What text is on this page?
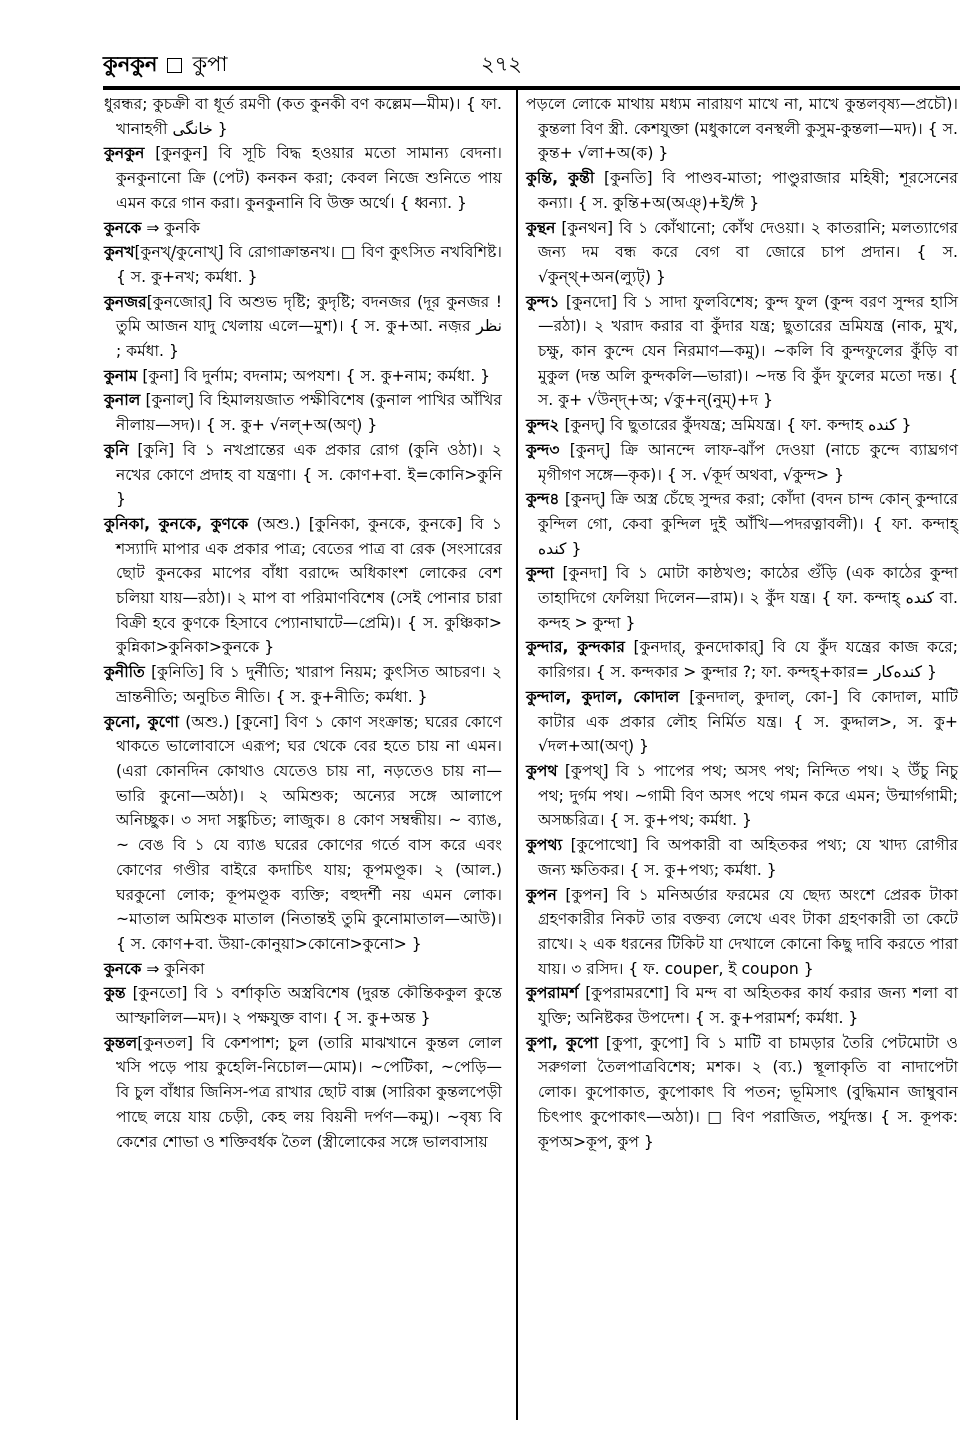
কুনকুন কুপা	২৭২

ধুরন্ধর; কুচক্রী বা ধূর্ত রমণী (কত কুনকী বণ কল্লেম—মীম)। { ফা. খানাহগী خانگی }

কুনকুন [কুনকুন] বি সূচি বিদ্ধ হওয়ার মতো সামান্য বেদনা। কুনকুনানো ক্রি (পেট) কনকন করা; কেবল নিজে শুনিতে পায় এমন করে গান করা। কুনকুনানি বি উক্ত অর্থে। { ধ্বন্যা. }

কুনকে ⇒ কুনকি

কুনখ[কুনখ্/কুনোখ্] বি রোগাক্রান্তনখ। □ বিণ কুৎসিত নখবিশিষ্ট। { স. কু+নখ; কর্মধা. }

কুনজর[কুনজোর্] বি অশুভ দৃষ্টি; কুদৃষ্টি; বদনজর (দূর কুনজর ! তুমি আজন যাদু খেলায় এলে—মুশ)। { স. কু+আ. নজ়র نظر ; কর্মধা. }

কুনাম [কুনা] বি দুর্নাম; বদনাম; অপযশ। { স. কু+নাম; কর্মধা. }

কুনাল [কুনাল্] বি হিমালয়জাত পক্ষীবিশেষ (কুনাল পাখির আঁখির নীলায়—সদ)। { স. কু+ √নল্+অ(অণ্) }

কুনি [কুনি] বি ১ নখপ্রান্তের এক প্রকার রোগ (কুনি ওঠা)। ২ নখের কোণে প্রদাহ বা যন্ত্রণা। { স. কোণ+বা. ই=কোনি>কুনি }

কুনিকা, কুনকে, কুণকে (অশু.) [কুনিকা, কুনকে, কুনকে] বি ১ শস্যাদি মাপার এক প্রকার পাত্র; বেতের পাত্র বা রেক (সংসারের ছোট কুনকের মাপের বাঁধা বরাদ্দে অধিকাংশ লোকের বেশ চলিয়া যায়—রঠা)। ২ মাপ বা পরিমাণবিশেষ (সেই পোনার চারা বিক্রী হবে কুণকে হিসাবে প্যোনাঘাটে—প্রেমি)। { স. কুঞ্চিকা> কুন্নিকা>কুনিকা>কুনকে }

কুনীতি [কুনিতি] বি ১ দুর্নীতি; খারাপ নিয়ম; কুৎসিত আচরণ। ২ ভ্রান্তনীতি; অনুচিত নীতি। { স. কু+নীতি; কর্মধা. }

কুনো, কুণো (অশু.) [কুনো] বিণ ১ কোণ সংক্রান্ত; ঘরের কোণে থাকতে ভালোবাসে এরূপ; ঘর থেকে বের হতে চায় না এমন। (এরা কোনদিন কোথাও যেতেও চায় না, নড়তেও চায় না—ভারি কুনো—অঠা)। ২ অমিশুক; অন্যের সঙ্গে আলাপে অনিচ্ছুক। ৩ সদা সঙ্কুচিত; লাজুক। ৪ কোণ সম্বন্ধীয়। ~ ব্যাঙ, ~ বেঙ বি ১ যে ব্যাঙ ঘরের কোণের গর্তে বাস করে এবং কোণের গণ্ডীর বাইরে কদাচিৎ যায়; কূপমণ্ডূক। ২ (আল.) ঘরকুনো লোক; কূপমণ্ডূক ব্যক্তি; বহুদর্শী নয় এমন লোক। ~মাতাল অমিশুক মাতাল (নিতান্তই তুমি কুনোমাতাল—আউ)। { স. কোণ+বা. উয়া-কোনুয়া>কোনো>কুনো> }

কুনকে ⇒ কুনিকা

কুন্ত [কুনতো] বি ১ বর্শাকৃতি অস্ত্রবিশেষ (দুরন্ত কৌন্তিককুল কুন্তে আস্ফালিল—মদ)। ২ পক্ষযুক্ত বাণ। { স. কু+অন্ত }

কুন্তল[কুনতল] বি কেশপাশ; চুল (তারি মাঝখানে কুন্তল লোল খসি পড়ে পায় কুহেলি-নিচোল—মোম)। ~পেটিকা, ~পেড়ি—বি চুল বাঁধার জিনিস-পত্র রাখার ছোট বাক্স (সারিকা কুন্তলপেড়ী পাছে লয়ে যায় চেড়ী, কেহ লয় বিয়নী দর্পণ—কমু)। ~বৃষ্য বি কেশের শোভা ও শক্তিবর্ধক তৈল (স্ত্রীলোকের সঙ্গে ভালবাসায়

পড়লে লোকে মাথায় মধ্যম নারায়ণ মাখে না, মাখে কুন্তলবৃষ্য—প্রচৌ)। কুন্তলা বিণ স্ত্রী. কেশযুক্তা (মধুকালে বনস্থলী কুসুম-কুন্তলা—মদ)। { স. কুন্ত+ √লা+অ(ক) }

কুন্তি, কুন্তী [কুনতি] বি পাণ্ডব-মাতা; পাণ্ডুরাজার মহিষী; শূরসেনের কন্যা। { স. কুন্তি+অ(অঞ্)+ই/ঈ }

কুন্থন [কুনথন] বি ১ কোঁথানো; কোঁথ দেওয়া। ২ কাতরানি; মলত্যাগের জন্য দম বন্ধ করে বেগ বা জোরে চাপ প্রদান। { স. √কুন্থ্+অন(ল্যুট্) }

কুন্দ১ [কুনদো] বি ১ সাদা ফুলবিশেষ; কুন্দ ফুল (কুন্দ বরণ সুন্দর হাসি—রঠা)। ২ খরাদ করার বা কুঁদার যন্ত্র; ছুতারের ভ্রমিযন্ত্র (নাক, মুখ, চক্ষু, কান কুন্দে যেন নিরমাণ—কমু)। ~কলি বি কুন্দফুলের কুঁড়ি বা মুকুল (দন্ত অলি কুন্দকলি—ভারা)। ~দন্ত বি কুঁদ ফুলের মতো দন্ত। { স. কু+ √উন্দ্+অ; √কু+ন্(নুম্)+দ }

কুন্দ২ [কুনদ্] বি ছুতারের কুঁদযন্ত্র; ভ্রমিযন্ত্র। { ফা. কন্দাহ کنده }

কুন্দ৩ [কুনদ্] ক্রি আনন্দে লাফ-ঝাঁপ দেওয়া (নাচে কুন্দে ব্যাঘ্রগণ মৃগীগণ সঙ্গে—কৃক)। { স. √কূর্দ অথবা, √কুন্দ> }

কুন্দ৪ [কুনদ্] ক্রি অস্ত্র চেঁছে সুন্দর করা; কোঁদা (বদন চান্দ কোন্ কুন্দারে কুন্দিল গো, কেবা কুন্দিল দুই আঁখি—পদরত্নাবলী)। { ফা. কন্দাহ্ کنده }

কুন্দা [কুনদা] বি ১ মোটা কাষ্ঠখণ্ড; কাঠের গুঁড়ি (এক কাঠের কুন্দা তাহাদিগে ফেলিয়া দিলেন—রাম)। ২ কুঁদ যন্ত্র। { ফা. কন্দাহ্ کنده বা. কন্দহ > কুন্দা }

কুন্দার, কুন্দকার [কুনদার্, কুনদোকার্] বি যে কুঁদ যন্ত্রের কাজ করে; কারিগর। { স. কন্দকার > কুন্দার ?; ফা. কন্দহ্+কার= کنده‌کار }

কুন্দাল, কুদাল, কোদাল [কুনদাল্, কুদাল্, কো-] বি কোদাল, মাটি কাটার এক প্রকার লৌহ নির্মিত যন্ত্র। { স. কুদ্দাল>, স. কু+ √দল+আ(অণ্) }

কুপথ [কুপথ্] বি ১ পাপের পথ; অসৎ পথ; নিন্দিত পথ। ২ উঁচু নিচু পথ; দুর্গম পথ। ~গামী বিণ অসৎ পথে গমন করে এমন; উন্মার্গগামী; অসচ্চরিত্র। { স. কু+পথ; কর্মধা. }

কুপথ্য [কুপোত্থো] বি অপকারী বা অহিতকর পথ্য; যে খাদ্য রোগীর জন্য ক্ষতিকর। { স. কু+পথ্য; কর্মধা. }

কুপন [কুপন] বি ১ মনিঅর্ডার ফরমের যে ছেদ্য অংশে প্রেরক টাকা গ্রহণকারীর নিকট তার বক্তব্য লেখে এবং টাকা গ্রহণকারী তা কেটে রাখে। ২ এক ধরনের টিকিট যা দেখালে কোনো কিছু দাবি করতে পারা যায়। ৩ রসিদ। { ফ. couper, ই coupon }

কুপরামর্শ [কুপরামরশো] বি মন্দ বা অহিতকর কার্য করার জন্য শলা বা যুক্তি; অনিষ্টকর উপদেশ। { স. কু+পরামর্শ; কর্মধা. }

কুপা, কুপো [কুপা, কুপো] বি ১ মাটি বা চামড়ার তৈরি পেটমোটা ও সরুগলা তৈলপাত্রবিশেষ; মশক। ২ (ব্য.) স্থূলাকৃতি বা নাদাপেটা লোক। কুপোকাত, কুপোকাৎ বি পতন; ভূমিসাৎ (বুদ্ধিমান জাম্বুবান চিৎপাৎ কুপোকাৎ—অঠা)। □ বিণ পরাজিত, পর্যুদস্ত। { স. কূপক: কূপঅ>কূপ, কুপ }
